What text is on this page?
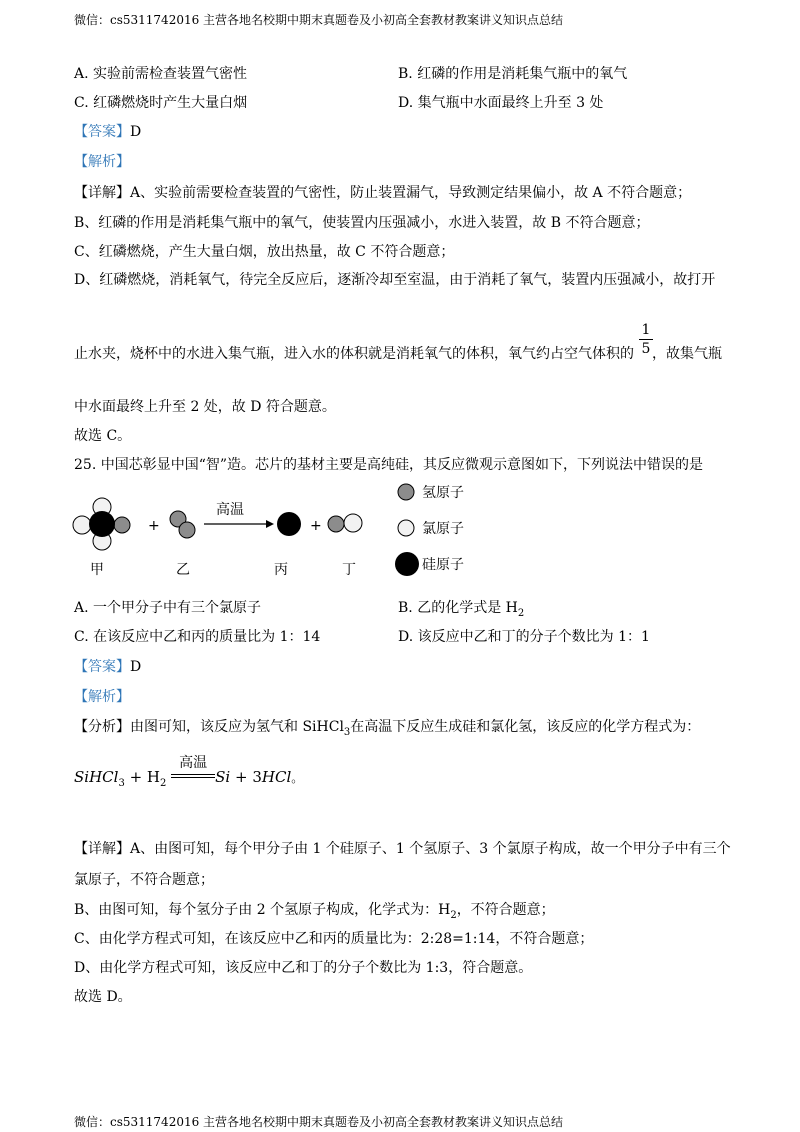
微信：cs5311742016 主营各地名校期中期末真题卷及小初高全套教材教案讲义知识点总结
A. 实验前需检查装置气密性	B. 红磷的作用是消耗集气瓶中的氧气
C. 红磷燃烧时产生大量白烟	D. 集气瓶中水面最终上升至 3 处
【答案】D
【解析】
【详解】A、实验前需要检查装置的气密性，防止装置漏气，导致测定结果偏小，故 A 不符合题意；
B、红磷的作用是消耗集气瓶中的氧气，使装置内压强减小，水进入装置，故 B 不符合题意；
C、红磷燃烧，产生大量白烟，放出热量，故 C 不符合题意；
D、红磷燃烧，消耗氧气，待完全反应后，逐渐冷却至室温，由于消耗了氧气，装置内压强减小，故打开
止水夹，烧杯中的水进入集气瓶，进入水的体积就是消耗氧气的体积，氧气约占空气体积的 ，故集气瓶
1
5
中水面最终上升至 2 处，故 D 符合题意。
故选 C。
25. 中国芯彰显中国“智”造。芯片的基材主要是高纯硅，其反应微观示意图如下，下列说法中错误的是
+
高温
+
甲	乙	丙	丁
氢原子
氯原子
硅原子
A. 一个甲分子中有三个氯原子	B. 乙的化学式是 $H_2$
C. 在该反应中乙和丙的质量比为 1：14	D. 该反应中乙和丁的分子个数比为 1：1
【答案】D
【解析】
【分析】由图可知，该反应为氢气和 SiHCl$_3$在高温下反应生成硅和氯化氢，该反应的化学方程式为：
SiHCl$_3$ + $H_2$
高温
Si + 3HCl。
【详解】A、由图可知，每个甲分子由 1 个硅原子、1 个氢原子、3 个氯原子构成，故一个甲分子中有三个
氯原子，不符合题意；
B、由图可知，每个氢分子由 2 个氢原子构成，化学式为：$H_2$，不符合题意；
C、由化学方程式可知，在该反应中乙和丙的质量比为：2:28=1:14，不符合题意；
D、由化学方程式可知，该反应中乙和丁的分子个数比为 1:3，符合题意。
故选 D。
微信：cs5311742016 主营各地名校期中期末真题卷及小初高全套教材教案讲义知识点总结
